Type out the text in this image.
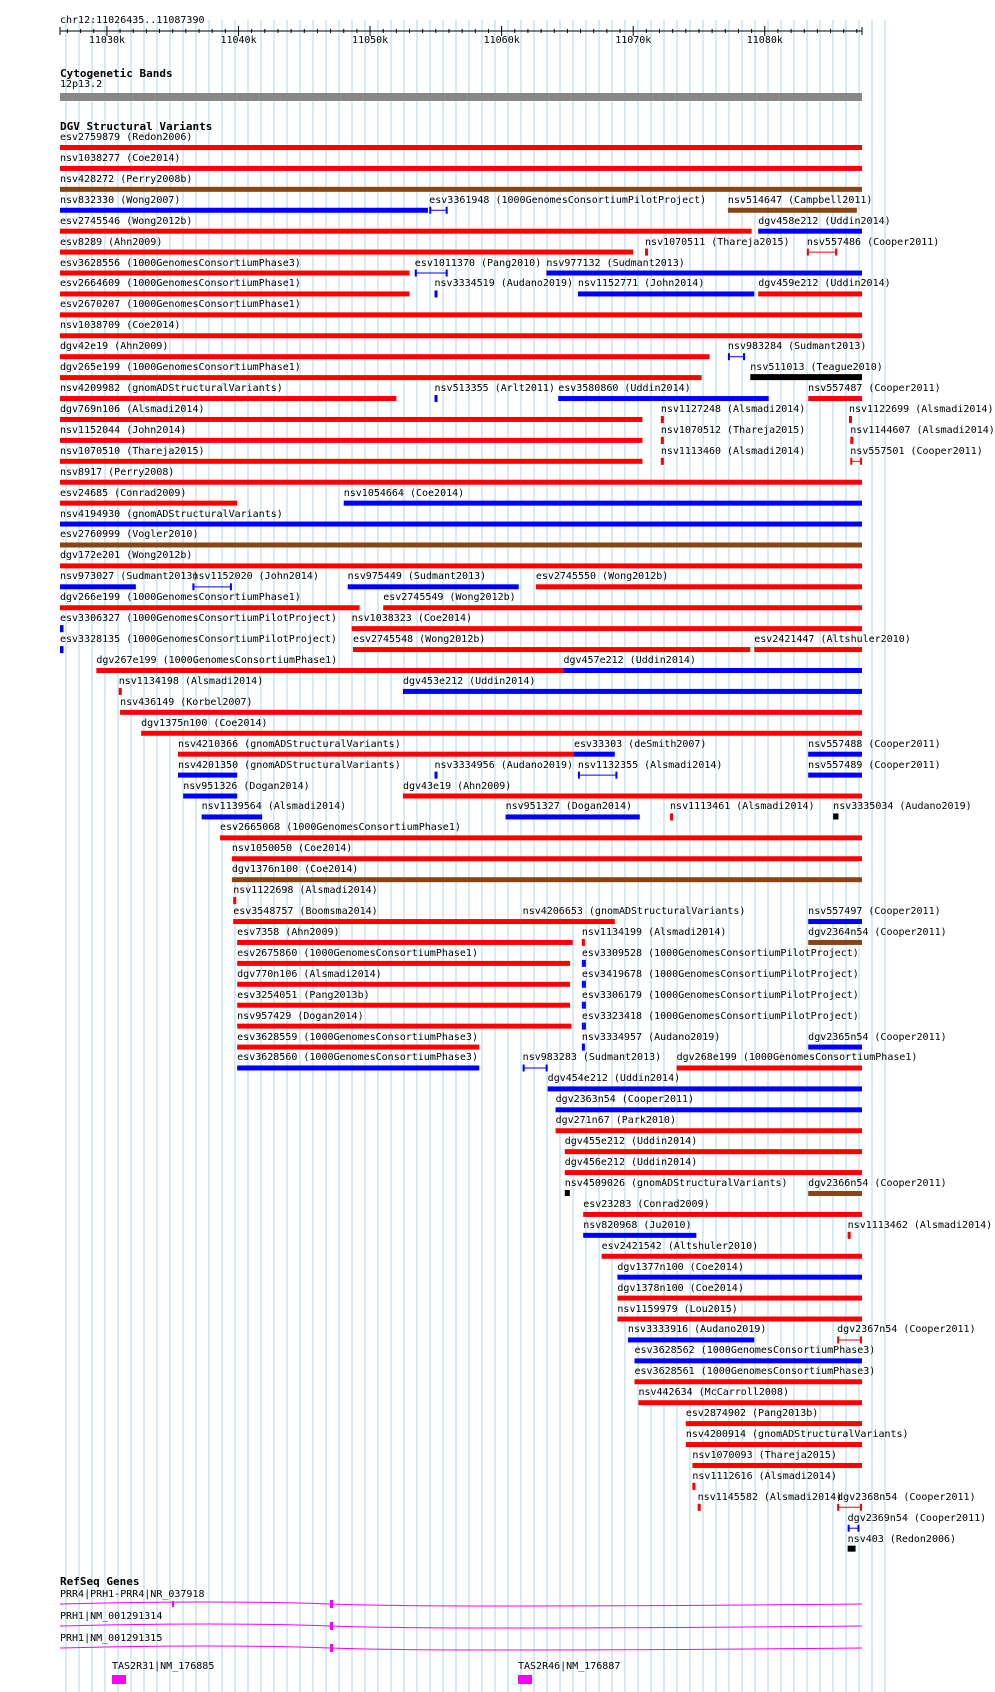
chr12:11026435..11087390
Cytogenetic Bands
12p13.2
DGV Structural Variants
RefSeq Genes
11030k	11040k	11050k	11060k	11070k	11080k
esv2759879 (Redon2006)
nsv1038277 (Coe2014)
nsv428272 (Perry2008b)
nsv832330 (Wong2007)
esv2745546 (Wong2012b)
esv8289 (Ahn2009)
esv3628556 (1000GenomesConsortiumPhase3)
esv2664609 (1000GenomesConsortiumPhase1)
esv2670207 (1000GenomesConsortiumPhase1)
nsv1038709 (Coe2014)
dgv42e19 (Ahn2009)
dgv265e199 (1000GenomesConsortiumPhase1)
nsv4209982 (gnomADStructuralVariants)
dgv769n106 (Alsmadi2014)
nsv1152044 (John2014)
nsv1070510 (Thareja2015)
nsv8917 (Perry2008)
esv24685 (Conrad2009)
nsv4194930 (gnomADStructuralVariants)
esv2760999 (Vogler2010)
dgv172e201 (Wong2012b)
nsv973027 (Sudmant2013)
dgv266e199 (1000GenomesConsortiumPhase1)
esv3306327 (1000GenomesConsortiumPilotProject)
esv3328135 (1000GenomesConsortiumPilotProject)
dgv267e199 (1000GenomesConsortiumPhase1)
nsv1134198 (Alsmadi2014)
nsv436149 (Korbel2007)
dgv1375n100 (Coe2014)
nsv4210366 (gnomADStructuralVariants)
nsv4201350 (gnomADStructuralVariants)
nsv951326 (Dogan2014)
nsv1139564 (Alsmadi2014)
esv2665068 (1000GenomesConsortiumPhase1)
nsv1050050 (Coe2014)
dgv1376n100 (Coe2014)
nsv1122698 (Alsmadi2014)
esv3548757 (Boomsma2014)
esv7358 (Ahn2009)
esv2675860 (1000GenomesConsortiumPhase1)
dgv770n106 (Alsmadi2014)
esv3254051 (Pang2013b)
nsv957429 (Dogan2014)
esv3628559 (1000GenomesConsortiumPhase3)
esv3628560 (1000GenomesConsortiumPhase3)
esv3361948 (1000GenomesConsortiumPilotProject) nsv514647 (Campbell2011)
dgv458e212 (Uddin2014)
nsv1070511 (Thareja2015) nsv557486 (Cooper2011)
esv1011370 (Pang2010) nsv977132 (Sudmant2013)
nsv3334519 (Audano2019) nsv1152771 (John2014)	dgv459e212 (Uddin2014)
nsv983284 (Sudmant2013)
nsv511013 (Teague2010)
nsv513355 (Arlt2011) esv3580860 (Uddin2014)	nsv557487 (Cooper2011)
nsv1127248 (Alsmadi2014)	nsv1122699 (Alsmadi2014)
nsv1070512 (Thareja2015)	nsv1144607 (Alsmadi2014)
nsv1113460 (Alsmadi2014)	nsv557501 (Cooper2011)
nsv1054664 (Coe2014)
nsv1152020 (John2014)	nsv975449 (Sudmant2013)	esv2745550 (Wong2012b)
esv2745549 (Wong2012b)
nsv1038323 (Coe2014)
esv2745548 (Wong2012b)	esv2421447 (Altshuler2010)
dgv457e212 (Uddin2014)
dgv453e212 (Uddin2014)
esv33303 (deSmith2007)	nsv557488 (Cooper2011)
nsv3334956 (Audano2019) nsv1132355 (Alsmadi2014)	nsv557489 (Cooper2011)
dgv43e19 (Ahn2009)
nsv951327 (Dogan2014)	nsv1113461 (Alsmadi2014) nsv3335034 (Audano2019)
nsv4206653 (gnomADStructuralVariants)	nsv557497 (Cooper2011)
nsv1134199 (Alsmadi2014)	dgv2364n54 (Cooper2011)
esv3309528 (1000GenomesConsortiumPilotProject)
esv3419678 (1000GenomesConsortiumPilotProject)
esv3306179 (1000GenomesConsortiumPilotProject)
esv3323418 (1000GenomesConsortiumPilotProject)
nsv3334957 (Audano2019)	dgv2365n54 (Cooper2011)
nsv983283 (Sudmant2013) dgv268e199 (1000GenomesConsortiumPhase1)
dgv454e212 (Uddin2014)
dgv2363n54 (Cooper2011)
dgv271n67 (Park2010)
dgv455e212 (Uddin2014)
dgv456e212 (Uddin2014)
nsv4509026 (gnomADStructuralVariants) dgv2366n54 (Cooper2011)
esv23283 (Conrad2009)
nsv820968 (Ju2010)	nsv1113462 (Alsmadi2014)
esv2421542 (Altshuler2010)
dgv1377n100 (Coe2014)
dgv1378n100 (Coe2014)
nsv1159979 (Lou2015)
nsv3333916 (Audano2019)	dgv2367n54 (Cooper2011)
esv3628562 (1000GenomesConsortiumPhase3)
esv3628561 (1000GenomesConsortiumPhase3)
nsv442634 (McCarroll2008)
esv2874902 (Pang2013b)
nsv4200914 (gnomADStructuralVariants)
nsv1070093 (Thareja2015)
nsv1112616 (Alsmadi2014)
nsv1145582 (Alsmadi2014)
dgv2368n54 (Cooper2011)
dgv2369n54 (Cooper2011)
nsv403 (Redon2006)
PRR4|PRH1-PRR4|NR_037918
PRH1|NM_001291314
PRH1|NM_001291315
TAS2R31|NM_176885	TAS2R46|NM_176887
